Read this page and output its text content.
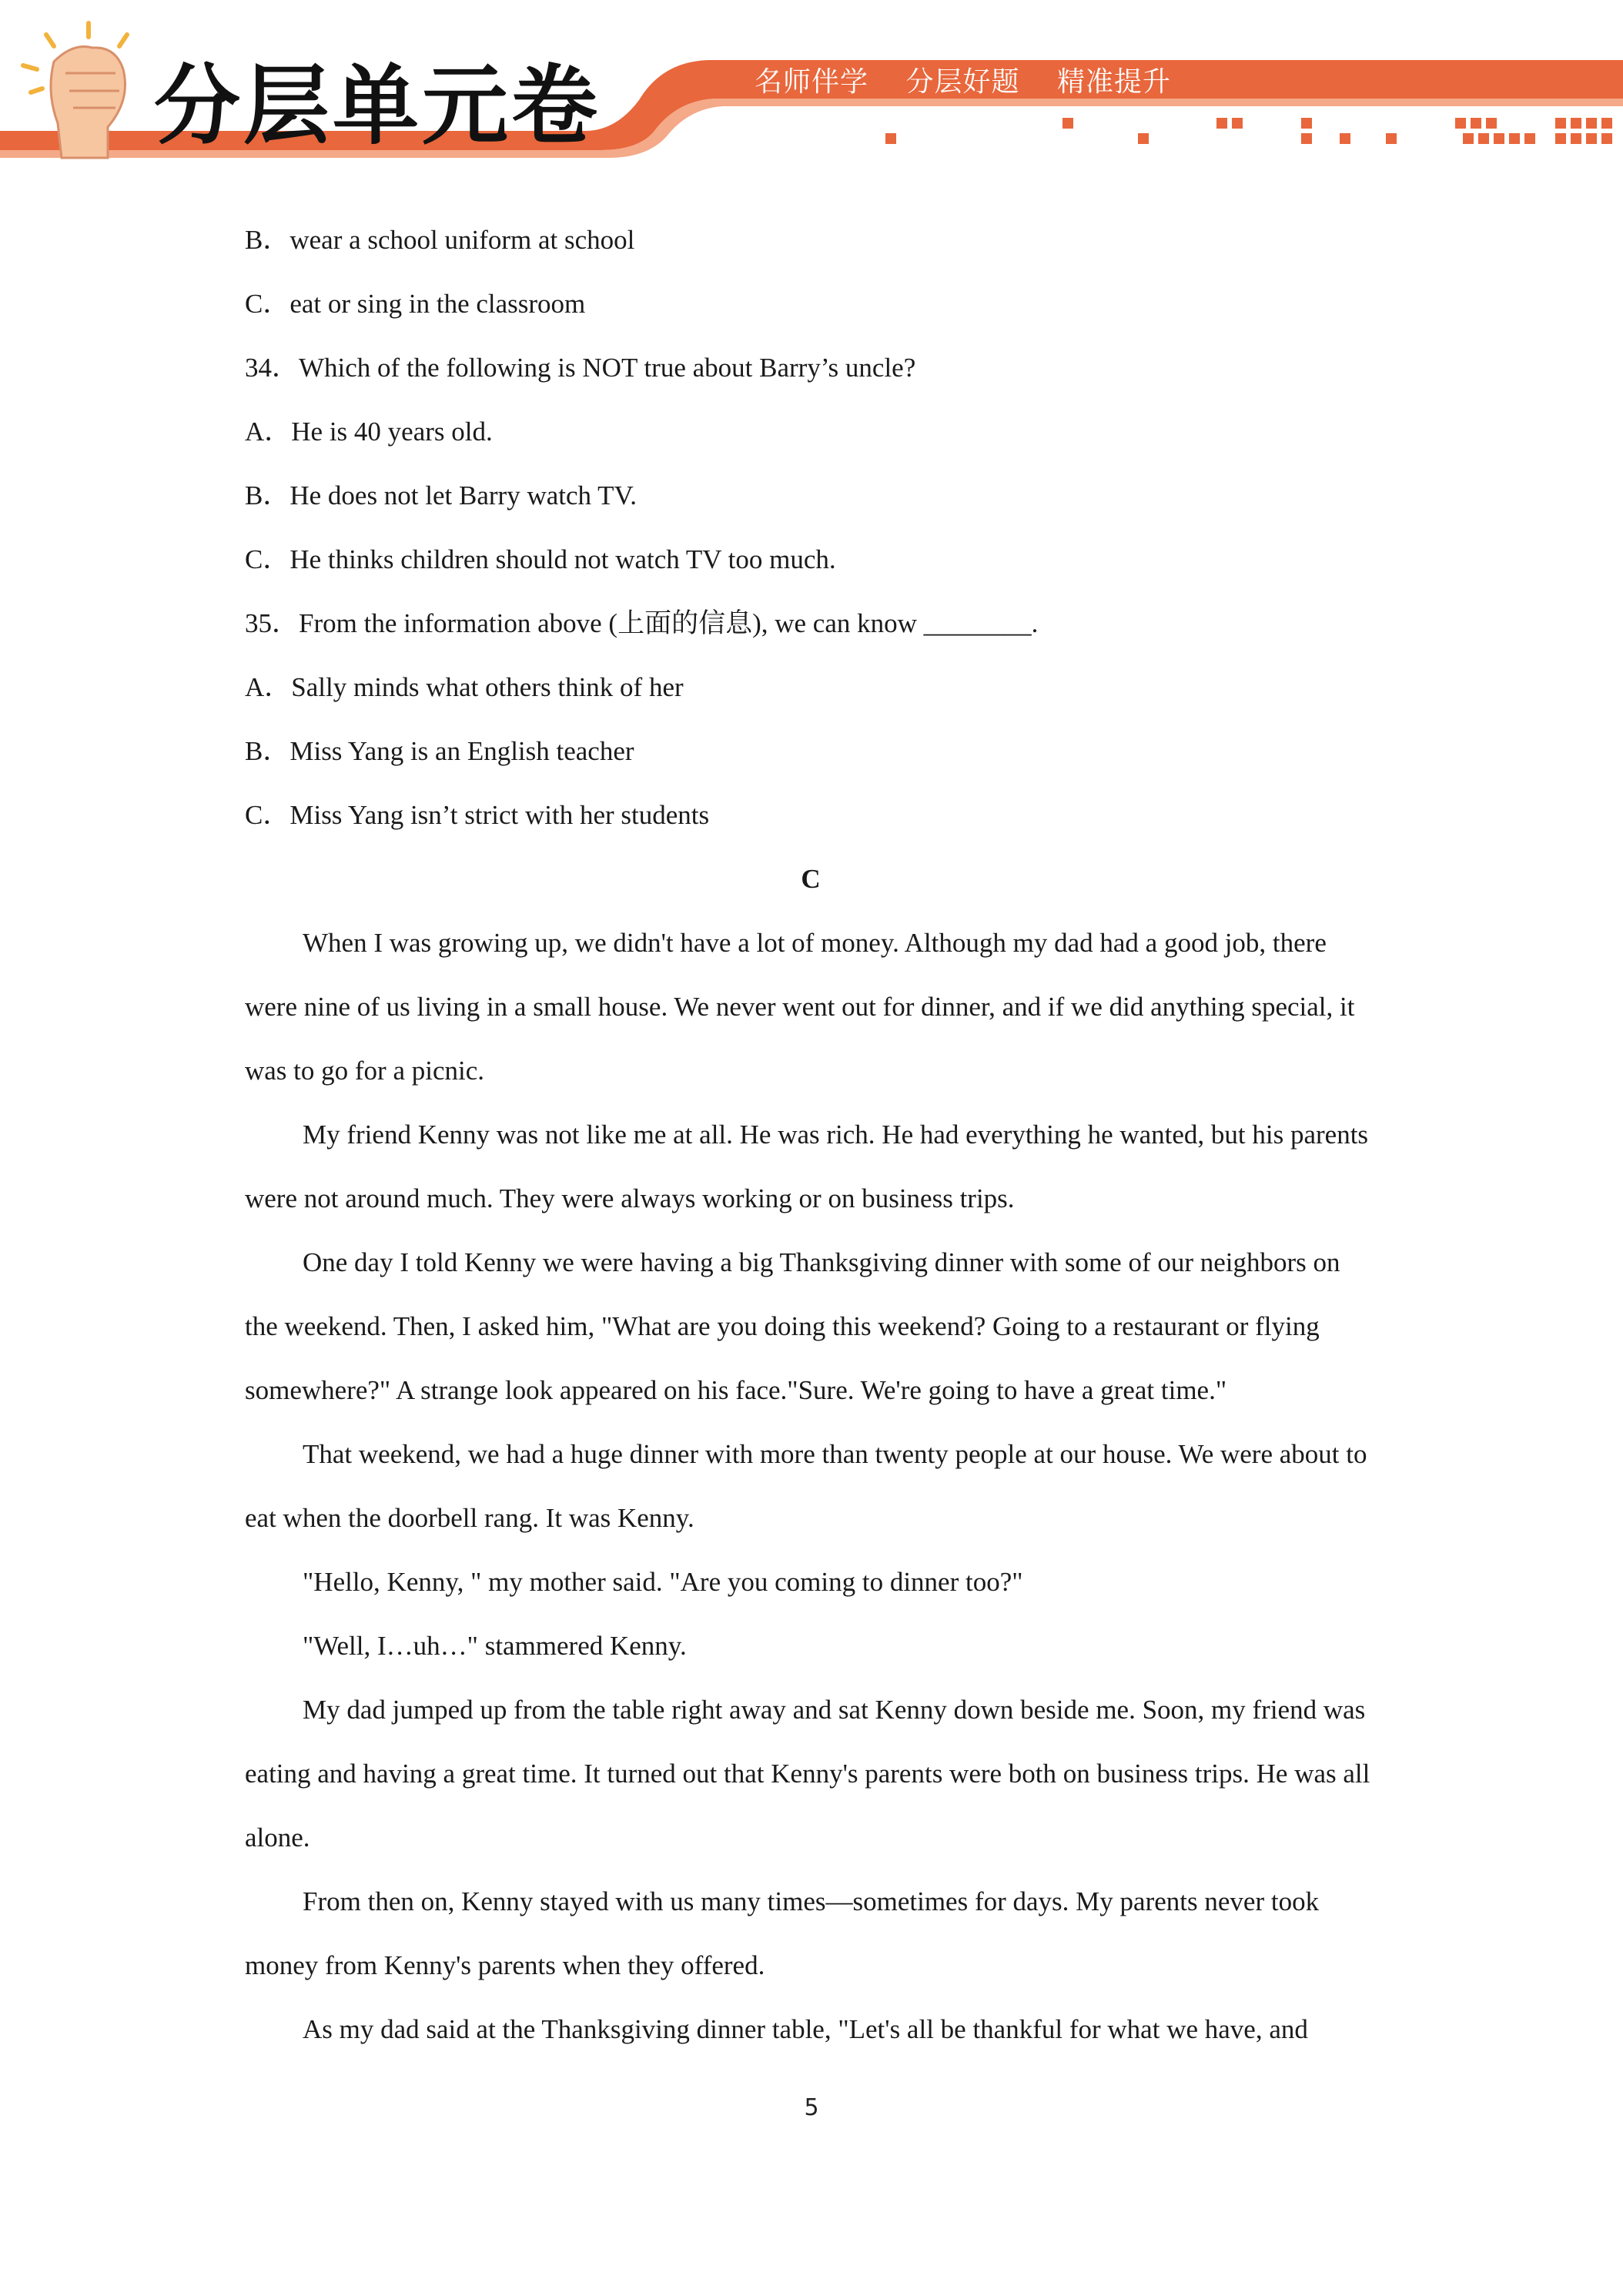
分层单元卷	名师伴学 分层好题 精准提升
B．wear a school uniform at school
C．eat or sing in the classroom
34．Which of the following is NOT true about Barry’s uncle?
A．He is 40 years old.
B．He does not let Barry watch TV.
C．He thinks children should not watch TV too much.
35．From the information above (上面的信息), we can know ________.
A．Sally minds what others think of her
B．Miss Yang is an English teacher
C．Miss Yang isn’t strict with her students
C
When I was growing up, we didn't have a lot of money. Although my dad had a good job, there were nine of us living in a small house. We never went out for dinner, and if we did anything special, it was to go for a picnic.
My friend Kenny was not like me at all. He was rich. He had everything he wanted, but his parents were not around much. They were always working or on business trips.
One day I told Kenny we were having a big Thanksgiving dinner with some of our neighbors on the weekend. Then, I asked him, "What are you doing this weekend? Going to a restaurant or flying somewhere?" A strange look appeared on his face."Sure. We're going to have a great time."
That weekend, we had a huge dinner with more than twenty people at our house. We were about to eat when the doorbell rang. It was Kenny.
"Hello, Kenny, " my mother said. "Are you coming to dinner too?"
"Well, I…uh…" stammered Kenny.
My dad jumped up from the table right away and sat Kenny down beside me. Soon, my friend was eating and having a great time. It turned out that Kenny's parents were both on business trips. He was all alone.
From then on, Kenny stayed with us many times—sometimes for days. My parents never took money from Kenny's parents when they offered.
As my dad said at the Thanksgiving dinner table, "Let's all be thankful for what we have, and
5
